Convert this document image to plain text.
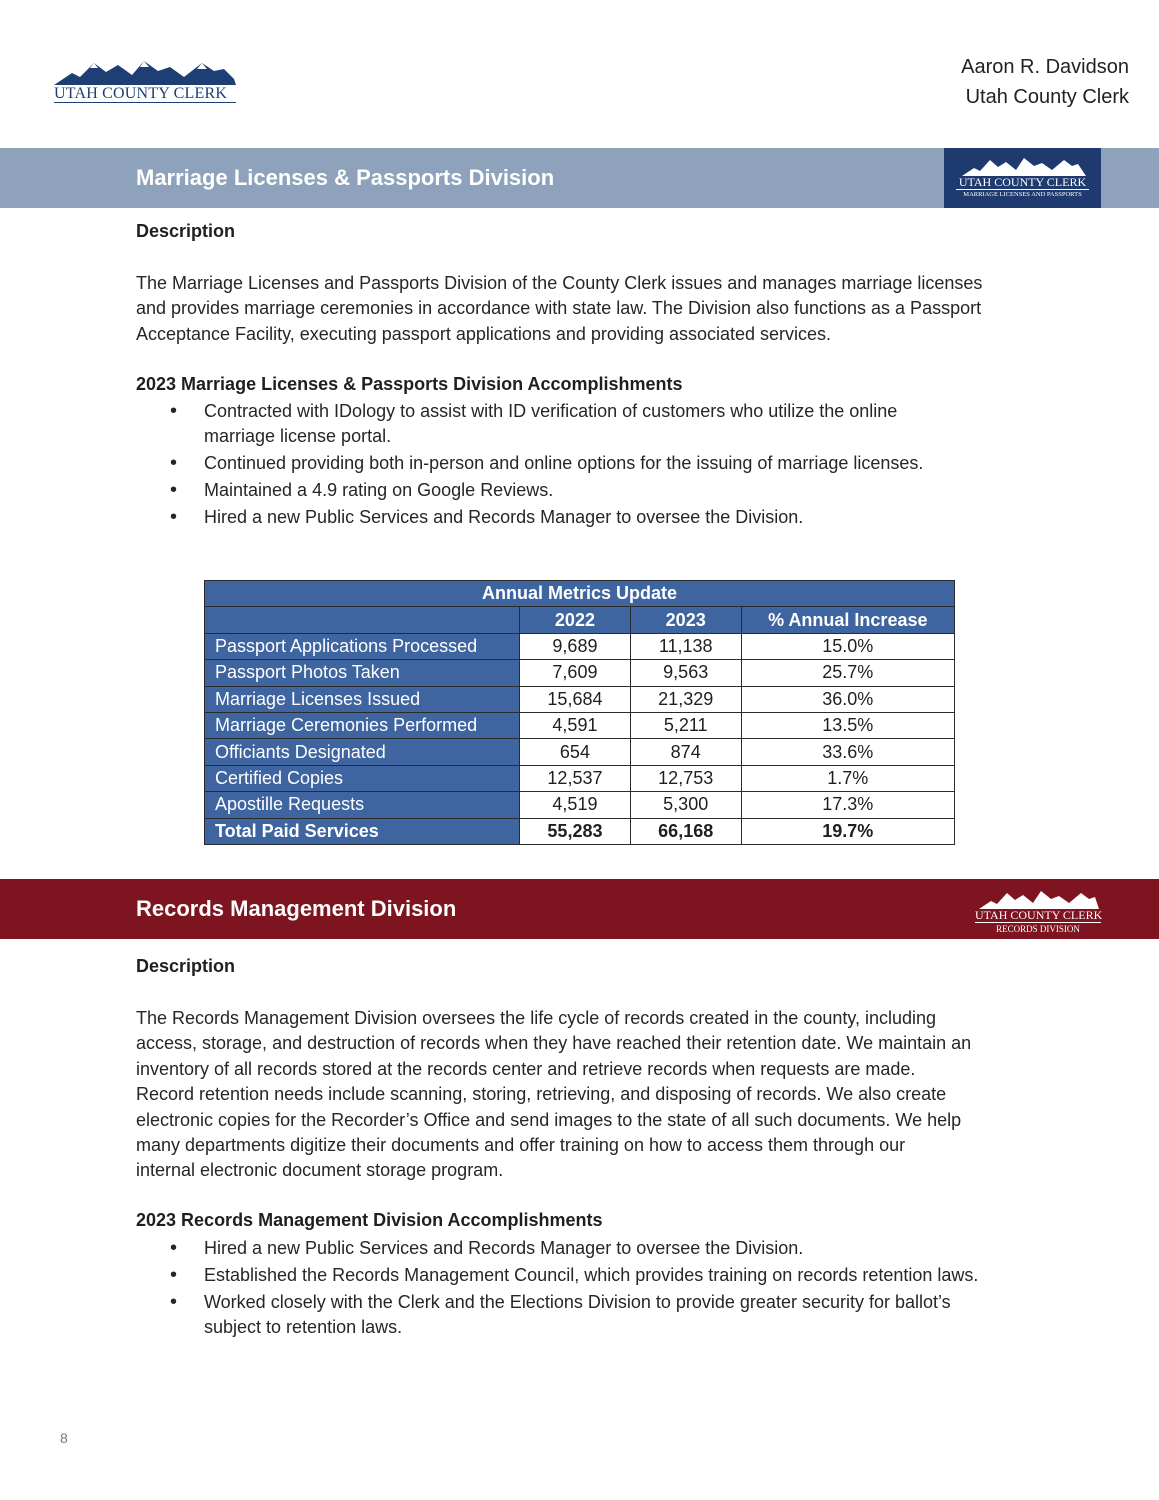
UTAH COUNTY CLERK
Aaron R. Davidson
Utah County Clerk
Marriage Licenses & Passports Division	UTAH COUNTY CLERK
MARRIAGE LICENSES AND PASSPORTS
Description
The Marriage Licenses and Passports Division of the County Clerk issues and manages marriage licenses
and provides marriage ceremonies in accordance with state law. The Division also functions as a Passport
Acceptance Facility, executing passport applications and providing associated services.
2023 Marriage Licenses & Passports Division Accomplishments
• Contracted with IDology to assist with ID verification of customers who utilize the online
marriage license portal.
• Continued providing both in-person and online options for the issuing of marriage licenses.
• Maintained a 4.9 rating on Google Reviews.
• Hired a new Public Services and Records Manager to oversee the Division.
Annual Metrics Update			
	2022	2023	% Annual Increase
Passport Applications Processed	9,689	11,138	15.0%
Passport Photos Taken	7,609	9,563	25.7%
Marriage Licenses Issued	15,684	21,329	36.0%
Marriage Ceremonies Performed	4,591	5,211	13.5%
Officiants Designated	654	874	33.6%
Certified Copies	12,537	12,753	1.7%
Apostille Requests	4,519	5,300	17.3%
Total Paid Services	55,283	66,168	19.7%
Records Management Division	UTAH COUNTY CLERK
RECORDS DIVISION
Description
The Records Management Division oversees the life cycle of records created in the county, including
access, storage, and destruction of records when they have reached their retention date. We maintain an
inventory of all records stored at the records center and retrieve records when requests are made.
Record retention needs include scanning, storing, retrieving, and disposing of records. We also create
electronic copies for the Recorder’s Office and send images to the state of all such documents. We help
many departments digitize their documents and offer training on how to access them through our
internal electronic document storage program.
2023 Records Management Division Accomplishments
• Hired a new Public Services and Records Manager to oversee the Division.
• Established the Records Management Council, which provides training on records retention laws.
• Worked closely with the Clerk and the Elections Division to provide greater security for ballot’s
subject to retention laws.
8
